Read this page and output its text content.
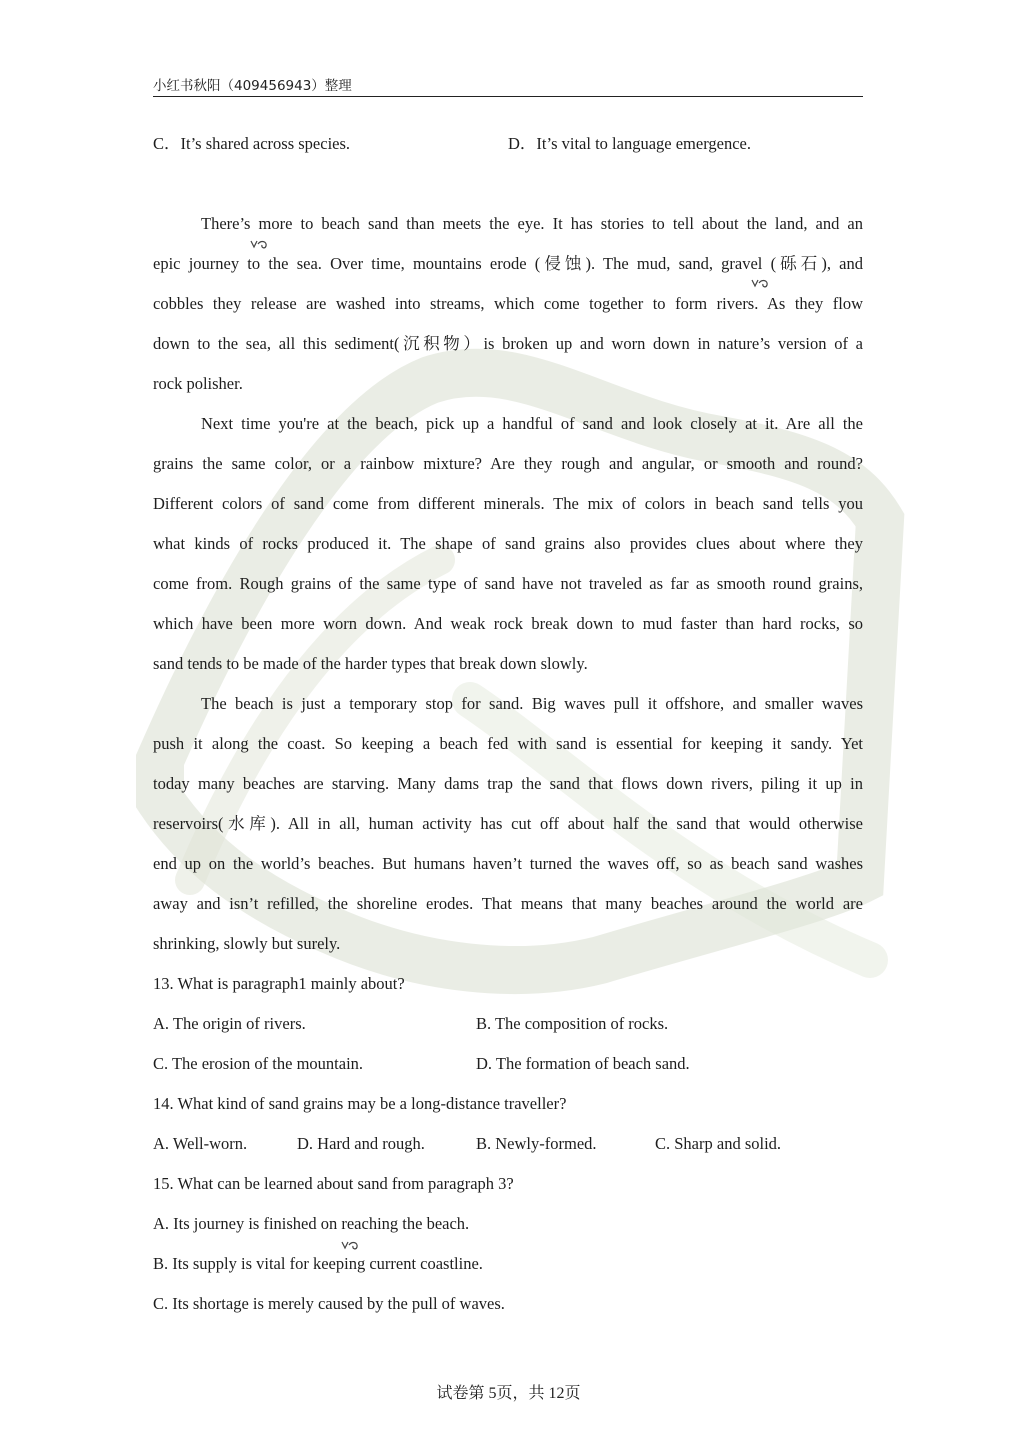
小红书秋阳（409456943）整理
C．It’s shared across species.	D．It’s vital to language emergence.
There’s more to beach sand than meets the eye. It has stories to tell about the land, and an
epic journey to the sea. Over time, mountains erode (侵蚀). The mud, sand, gravel (砾石), and
cobbles they release are washed into streams, which come together to form rivers. As they flow
down to the sea, all this sediment(沉积物）is broken up and worn down in nature’s version of a
rock polisher.
Next time you're at the beach, pick up a handful of sand and look closely at it. Are all the
grains the same color, or a rainbow mixture? Are they rough and angular, or smooth and round?
Different colors of sand come from different minerals. The mix of colors in beach sand tells you
what kinds of rocks produced it. The shape of sand grains also provides clues about where they
come from. Rough grains of the same type of sand have not traveled as far as smooth round grains,
which have been more worn down. And weak rock break down to mud faster than hard rocks, so
sand tends to be made of the harder types that break down slowly.
The beach is just a temporary stop for sand. Big waves pull it offshore, and smaller waves
push it along the coast. So keeping a beach fed with sand is essential for keeping it sandy. Yet
today many beaches are starving. Many dams trap the sand that flows down rivers, piling it up in
reservoirs(水库). All in all, human activity has cut off about half the sand that would otherwise
end up on the world’s beaches. But humans haven’t turned the waves off, so as beach sand washes
away and isn’t refilled, the shoreline erodes. That means that many beaches around the world are
shrinking, slowly but surely.
13. What is paragraph1 mainly about?
A. The origin of rivers.	B. The composition of rocks.
C. The erosion of the mountain.	D. The formation of beach sand.
14. What kind of sand grains may be a long-distance traveller?
A. Well-worn.	D. Hard and rough.	B. Newly-formed.	C. Sharp and solid.
15. What can be learned about sand from paragraph 3?
A. Its journey is finished on reaching the beach.
B. Its supply is vital for keeping current coastline.
C. Its shortage is merely caused by the pull of waves.
试卷第 5页，共 12页
